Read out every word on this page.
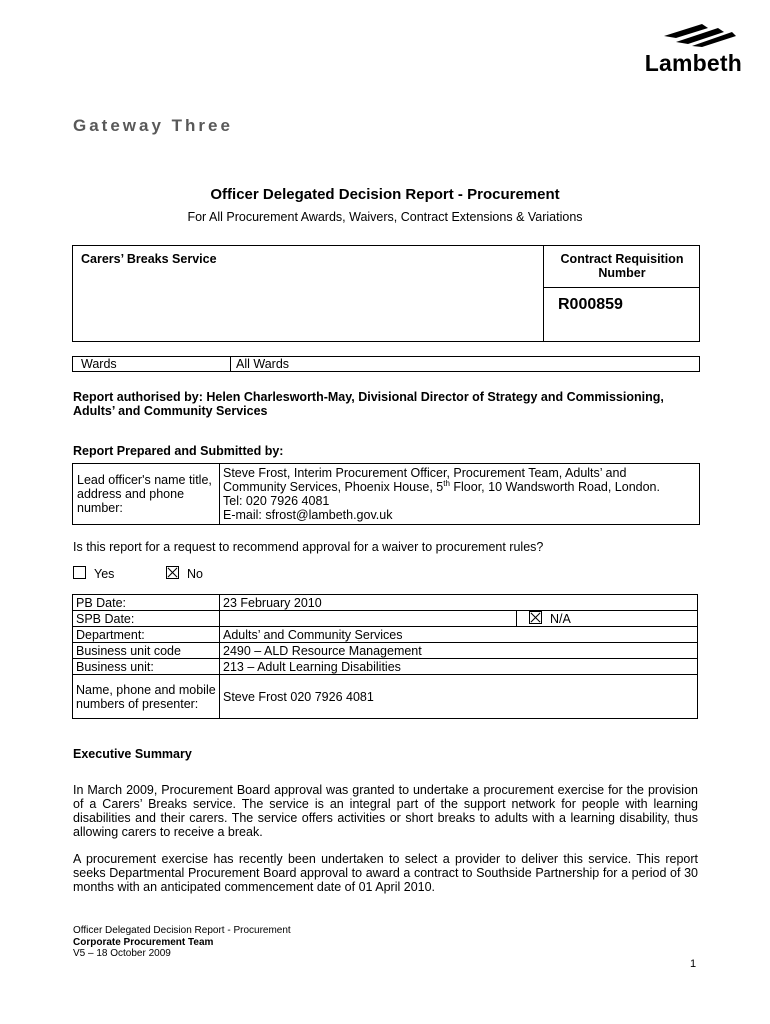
Lambeth
Gateway Three
Officer Delegated Decision Report - Procurement
For All Procurement Awards, Waivers, Contract Extensions & Variations
Carers’ Breaks Service	Contract Requisition
Number
R000859
Wards	All Wards
Report authorised by: Helen Charlesworth-May, Divisional Director of Strategy and Commissioning,
Adults’ and Community Services
Report Prepared and Submitted by:
Lead officer's name title, address and phone number:
Steve Frost, Interim Procurement Officer, Procurement Team, Adults’ and
Community Services, Phoenix House, 5th Floor, 10 Wandsworth Road, London.
Tel: 020 7926 4081
E-mail: sfrost@lambeth.gov.uk
Is this report for a request to recommend approval for a waiver to procurement rules?
Yes	No
PB Date:	23 February 2010
SPB Date:	N/A

Department:	Adults’ and Community Services
Business unit code	2490 – ALD Resource Management
Business unit:	213 – Adult Learning Disabilities
Name, phone and mobile numbers of presenter:	Steve Frost 020 7926 4081
Executive Summary
In March 2009, Procurement Board approval was granted to undertake a procurement exercise for the provision of a Carers’ Breaks service. The service is an integral part of the support network for people with learning disabilities and their carers. The service offers activities or short breaks to adults with a learning disability, thus allowing carers to receive a break.
A procurement exercise has recently been undertaken to select a provider to deliver this service. This report seeks Departmental Procurement Board approval to award a contract to Southside Partnership for a period of 30 months with an anticipated commencement date of 01 April 2010.
Officer Delegated Decision Report - Procurement
Corporate Procurement Team
V5 – 18 October 2009
1
